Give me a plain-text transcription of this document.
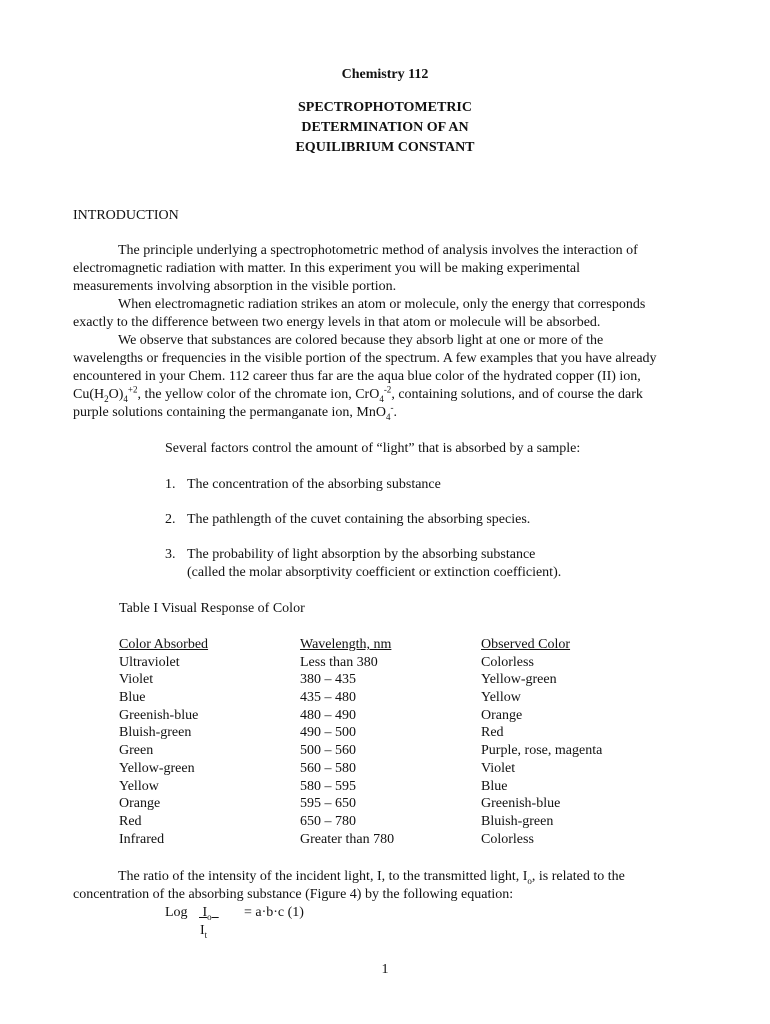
Chemistry 112
SPECTROPHOTOMETRIC
DETERMINATION OF AN
EQUILIBRIUM CONSTANT
INTRODUCTION
The principle underlying a spectrophotometric method of analysis involves the interaction of
electromagnetic radiation with matter. In this experiment you will be making experimental
measurements involving absorption in the visible portion.
When electromagnetic radiation strikes an atom or molecule, only the energy that corresponds
exactly to the difference between two energy levels in that atom or molecule will be absorbed.
We observe that substances are colored because they absorb light at one or more of the
wavelengths or frequencies in the visible portion of the spectrum. A few examples that you have already
encountered in your Chem. 112 career thus far are the aqua blue color of the hydrated copper (II) ion,
$Cu(H_2O)_4^{+2}$, the yellow color of the chromate ion, CrO$_4^{-2}$, containing solutions, and of course the dark
purple solutions containing the permanganate ion, MnO$_4$-.
Several factors control the amount of “light” that is absorbed by a sample:
1. The concentration of the absorbing substance
2. The pathlength of the cuvet containing the absorbing species.
3. The probability of light absorption by the absorbing substance
(called the molar absorptivity coefficient or extinction coefficient).
Table I Visual Response of Color
Color Absorbed
Ultraviolet
Violet
Blue
Greenish-blue
Bluish-green
Green
Yellow-green
Yellow
Orange
Red
Infrared
Wavelength, nm
Less than 380
380 – 435
435 – 480
480 – 490
490 – 500
500 – 560
560 – 580
580 – 595
595 – 650
650 – 780
Greater than 780
Observed Color
Colorless
Yellow-green
Yellow
Orange
Red
Purple, rose, magenta
Violet
Blue
Greenish-blue
Bluish-green
Colorless
The ratio of the intensity of the incident light, I, to the transmitted light, $I_o$, is related to the
concentration of the absorbing substance (Figure 4) by the following equation:
Log $I_o$	= a·b·c (1)
$I_t$
1
